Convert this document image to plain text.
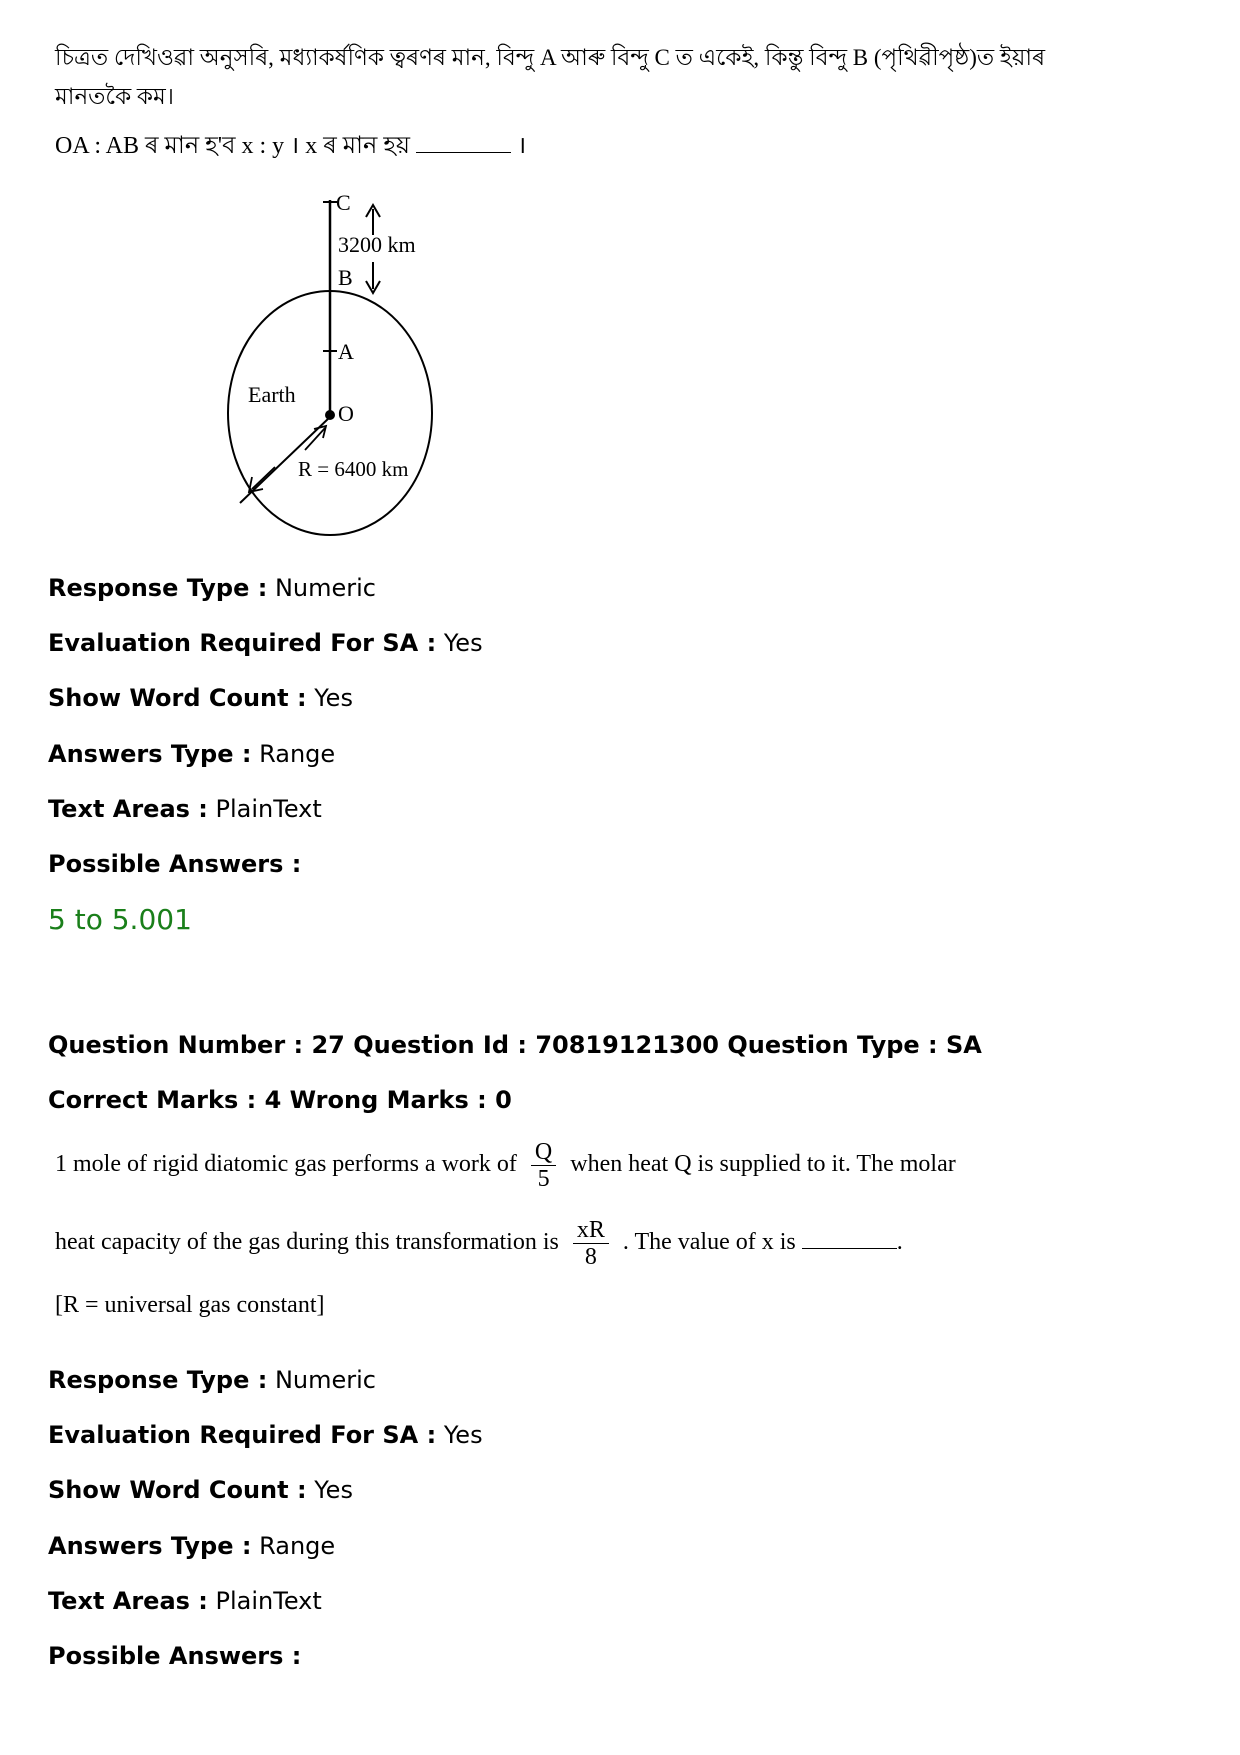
চিত্রত দেখিওৱা অনুসৰি, মধ্যাকৰ্ষণিক ত্বৰণৰ মান, বিন্দু A আৰু বিন্দু C ত একেই, কিন্তু বিন্দু B (পৃথিৱীপৃষ্ঠ)ত ইয়াৰ
মানতকৈ কম।
OA : AB ৰ মান হ'ব x : y । x ৰ মান হয়	।
C
3200 km
B
A
Earth
O
R = 6400 km
Response Type : Numeric
Evaluation Required For SA : Yes
Show Word Count : Yes
Answers Type : Range
Text Areas : PlainText
Possible Answers :
5 to 5.001
Question Number : 27 Question Id : 70819121300 Question Type : SA
Correct Marks : 4 Wrong Marks : 0
1 mole of rigid diatomic gas performs a work of $\frac{Q}{5}$ when heat Q is supplied to it. The molar
heat capacity of the gas during this transformation is $\frac{xR}{8}$ . The value of x is	.
[R = universal gas constant]
Response Type : Numeric
Evaluation Required For SA : Yes
Show Word Count : Yes
Answers Type : Range
Text Areas : PlainText
Possible Answers :
